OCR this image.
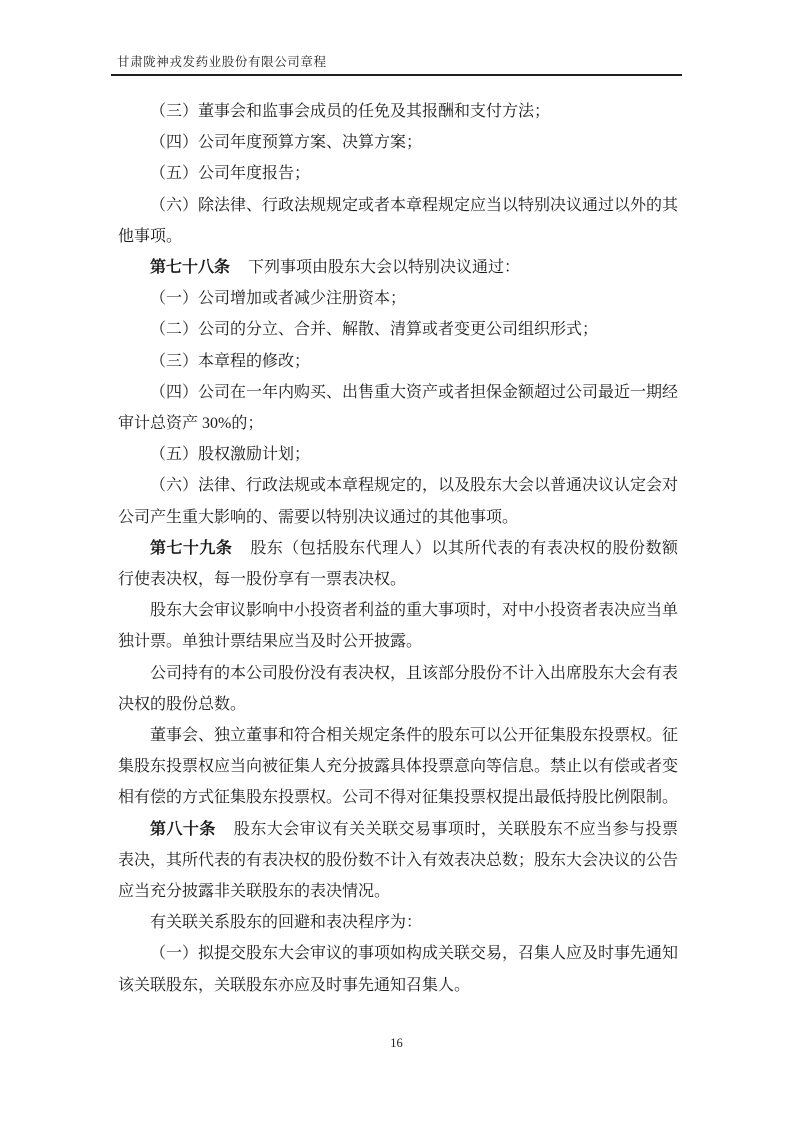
甘肃陇神戎发药业股份有限公司章程

（三）董事会和监事会成员的任免及其报酬和支付方法；

（四）公司年度预算方案、决算方案；

（五）公司年度报告；

（六）除法律、行政法规规定或者本章程规定应当以特别决议通过以外的其他事项。

第七十八条 下列事项由股东大会以特别决议通过：

（一）公司增加或者减少注册资本；

（二）公司的分立、合并、解散、清算或者变更公司组织形式；

（三）本章程的修改；

（四）公司在一年内购买、出售重大资产或者担保金额超过公司最近一期经审计总资产 30%的；

（五）股权激励计划；

（六）法律、行政法规或本章程规定的，以及股东大会以普通决议认定会对公司产生重大影响的、需要以特别决议通过的其他事项。

第七十九条 股东（包括股东代理人）以其所代表的有表决权的股份数额行使表决权，每一股份享有一票表决权。

股东大会审议影响中小投资者利益的重大事项时，对中小投资者表决应当单独计票。单独计票结果应当及时公开披露。

公司持有的本公司股份没有表决权，且该部分股份不计入出席股东大会有表决权的股份总数。

董事会、独立董事和符合相关规定条件的股东可以公开征集股东投票权。征集股东投票权应当向被征集人充分披露具体投票意向等信息。禁止以有偿或者变相有偿的方式征集股东投票权。公司不得对征集投票权提出最低持股比例限制。

第八十条 股东大会审议有关关联交易事项时，关联股东不应当参与投票表决，其所代表的有表决权的股份数不计入有效表决总数；股东大会决议的公告应当充分披露非关联股东的表决情况。

有关联关系股东的回避和表决程序为：

（一）拟提交股东大会审议的事项如构成关联交易，召集人应及时事先通知该关联股东，关联股东亦应及时事先通知召集人。

16
